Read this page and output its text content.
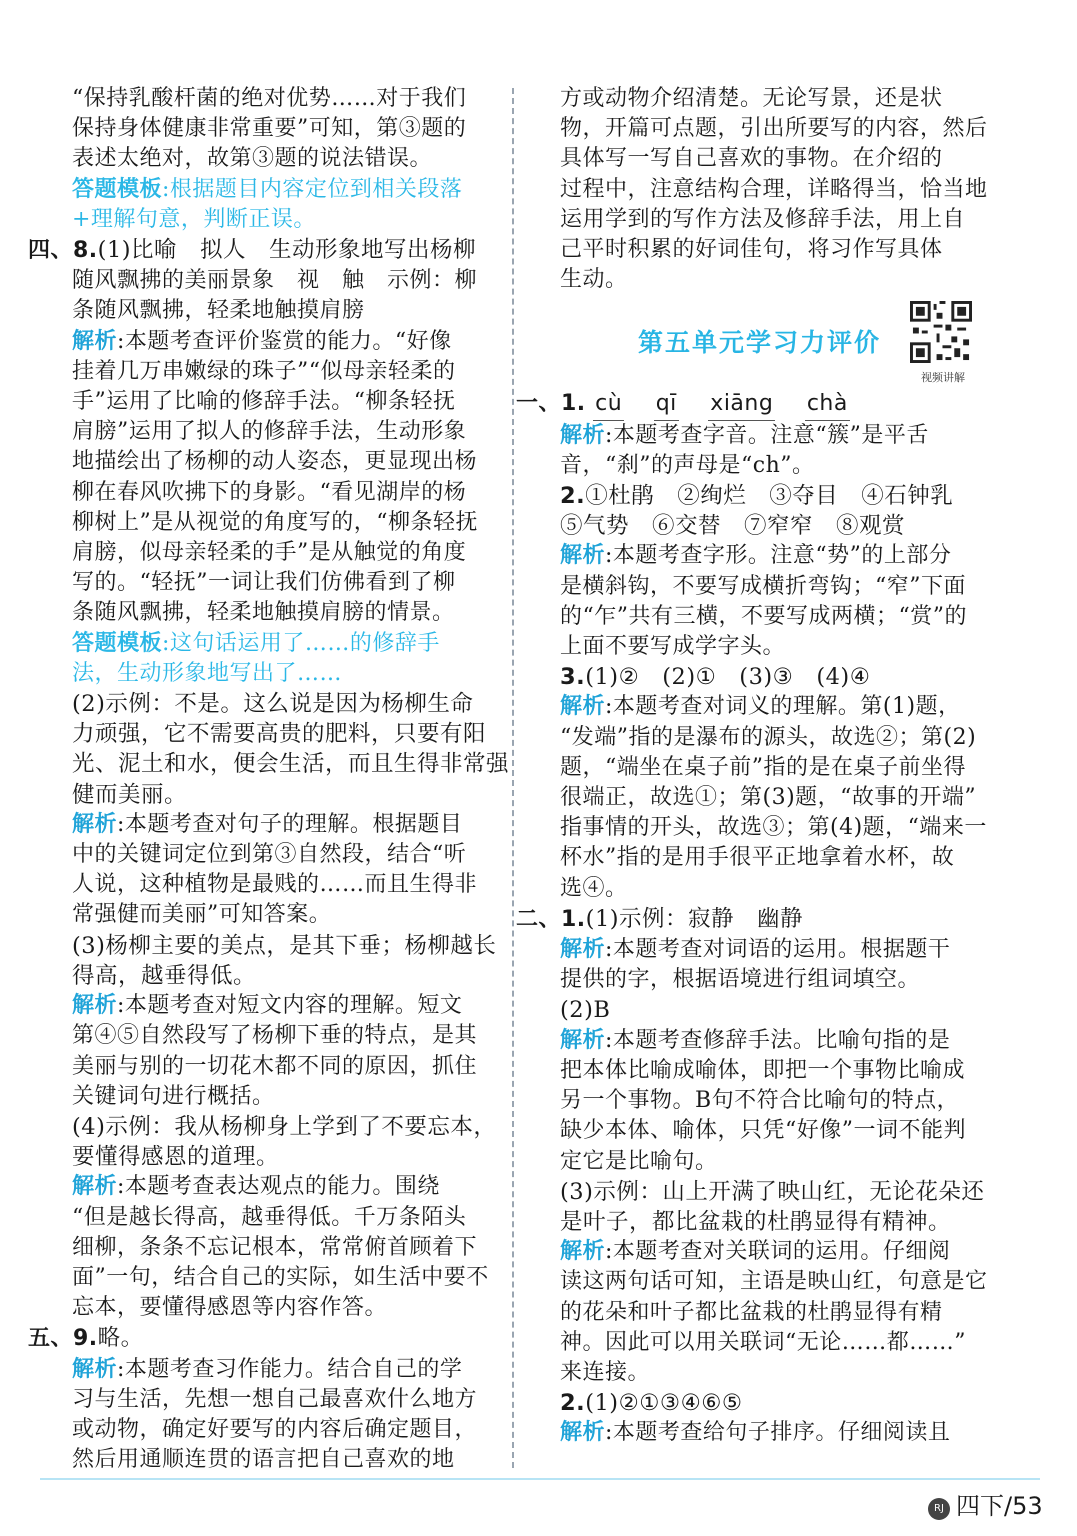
“保持乳酸杆菌的绝对优势……对于我们
保持身体健康非常重要”可知，第③题的
表述太绝对，故第③题的说法错误。
答题模板:根据题目内容定位到相关段落
+理解句意，判断正误。
四、8.(1)比喻　拟人　生动形象地写出杨柳
随风飘拂的美丽景象　视　触　示例：柳
条随风飘拂，轻柔地触摸肩膀
解析:本题考查评价鉴赏的能力。“好像
挂着几万串嫩绿的珠子”“似母亲轻柔的
手”运用了比喻的修辞手法。“柳条轻抚
肩膀”运用了拟人的修辞手法，生动形象
地描绘出了杨柳的动人姿态，更显现出杨
柳在春风吹拂下的身影。“看见湖岸的杨
柳树上”是从视觉的角度写的，“柳条轻抚
肩膀，似母亲轻柔的手”是从触觉的角度
写的。“轻抚”一词让我们仿佛看到了柳
条随风飘拂，轻柔地触摸肩膀的情景。
答题模板:这句话运用了……的修辞手
法，生动形象地写出了……
(2)示例：不是。这么说是因为杨柳生命
力顽强，它不需要高贵的肥料，只要有阳
光、泥土和水，便会生活，而且生得非常强
健而美丽。
解析:本题考查对句子的理解。根据题目
中的关键词定位到第③自然段，结合“听
人说，这种植物是最贱的……而且生得非
常强健而美丽”可知答案。
(3)杨柳主要的美点，是其下垂；杨柳越长
得高，越垂得低。
解析:本题考查对短文内容的理解。短文
第④⑤自然段写了杨柳下垂的特点，是其
美丽与别的一切花木都不同的原因，抓住
关键词句进行概括。
(4)示例：我从杨柳身上学到了不要忘本，
要懂得感恩的道理。
解析:本题考查表达观点的能力。围绕
“但是越长得高，越垂得低。千万条陌头
细柳，条条不忘记根本，常常俯首顾着下
面”一句，结合自己的实际，如生活中要不
忘本，要懂得感恩等内容作答。
五、9.略。
解析:本题考查习作能力。结合自己的学
习与生活，先想一想自己最喜欢什么地方
或动物，确定好要写的内容后确定题目，
然后用通顺连贯的语言把自己喜欢的地
方或动物介绍清楚。无论写景，还是状
物，开篇可点题，引出所要写的内容，然后
具体写一写自己喜欢的事物。在介绍的
过程中，注意结构合理，详略得当，恰当地
运用学到的写作方法及修辞手法，用上自
己平时积累的好词佳句，将习作写具体
生动。
第五单元学习力评价
视频讲解
一、1. cù qī xiāng chà
解析:本题考查字音。注意“簇”是平舌
音，“刹”的声母是“ch”。
2.①杜鹃　②绚烂　③夺目　④石钟乳
⑤气势　⑥交替　⑦窄窄　⑧观赏
解析:本题考查字形。注意“势”的上部分
是横斜钩，不要写成横折弯钩；“窄”下面
的“乍”共有三横，不要写成两横；“赏”的
上面不要写成学字头。
3.(1)②　(2)①　(3)③　(4)④
解析:本题考查对词义的理解。第(1)题，
“发端”指的是瀑布的源头，故选②；第(2)
题，“端坐在桌子前”指的是在桌子前坐得
很端正，故选①；第(3)题，“故事的开端”
指事情的开头，故选③；第(4)题，“端来一
杯水”指的是用手很平正地拿着水杯，故
选④。
二、1.(1)示例：寂静　幽静
解析:本题考查对词语的运用。根据题干
提供的字，根据语境进行组词填空。
(2)B
解析:本题考查修辞手法。比喻句指的是
把本体比喻成喻体，即把一个事物比喻成
另一个事物。B句不符合比喻句的特点，
缺少本体、喻体，只凭“好像”一词不能判
定它是比喻句。
(3)示例：山上开满了映山红，无论花朵还
是叶子，都比盆栽的杜鹃显得有精神。
解析:本题考查对关联词的运用。仔细阅
读这两句话可知，主语是映山红，句意是它
的花朵和叶子都比盆栽的杜鹃显得有精
神。因此可以用关联词“无论……都……”
来连接。
2.(1)②①③④⑥⑤
解析:本题考查给句子排序。仔细阅读且
RJ 四下/53
